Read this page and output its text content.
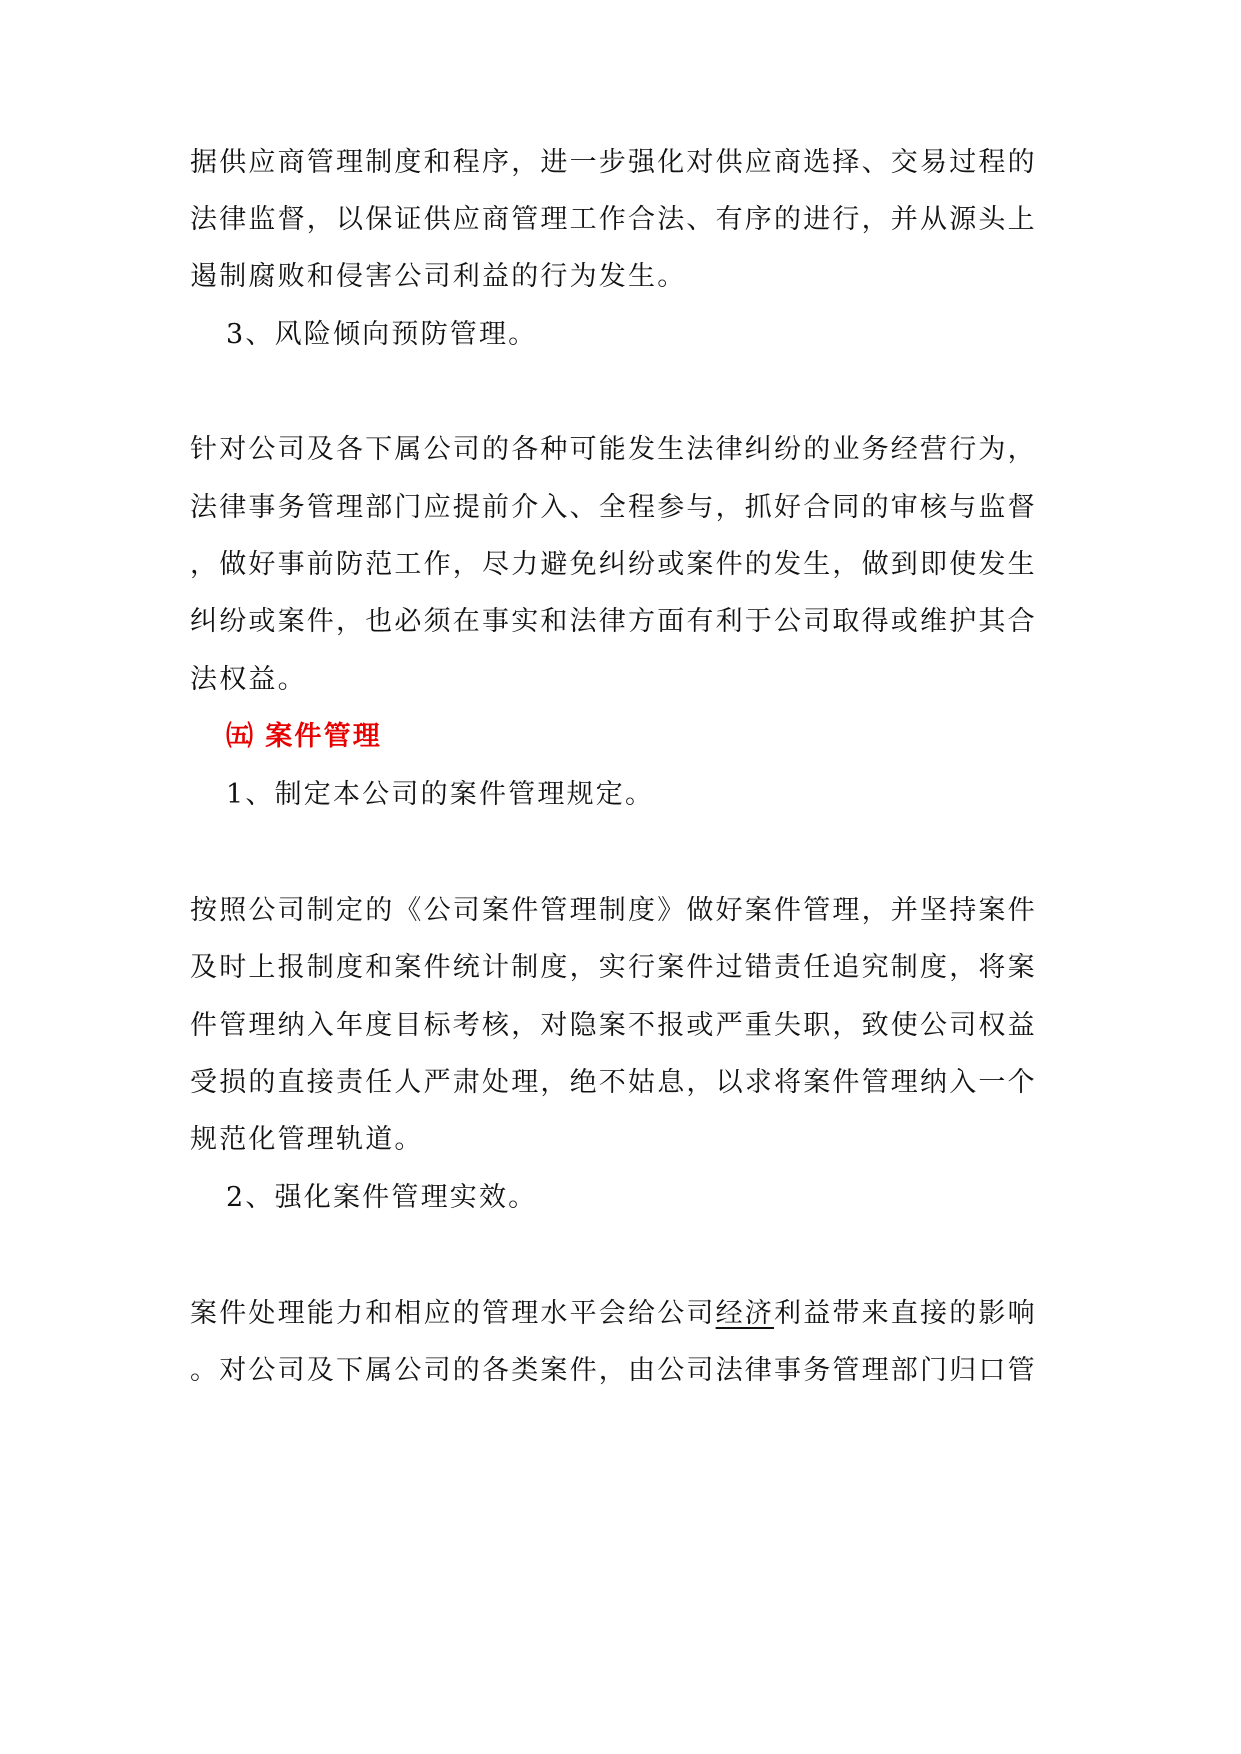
据供应商管理制度和程序，进一步强化对供应商选择、交易过程的
法律监督，以保证供应商管理工作合法、有序的进行，并从源头上
遏制腐败和侵害公司利益的行为发生。
3、风险倾向预防管理。
针对公司及各下属公司的各种可能发生法律纠纷的业务经营行为，
法律事务管理部门应提前介入、全程参与，抓好合同的审核与监督
，做好事前防范工作，尽力避免纠纷或案件的发生，做到即使发生
纠纷或案件，也必须在事实和法律方面有利于公司取得或维护其合
法权益。
㈤ 案件管理
1、制定本公司的案件管理规定。
按照公司制定的《公司案件管理制度》做好案件管理，并坚持案件
及时上报制度和案件统计制度，实行案件过错责任追究制度，将案
件管理纳入年度目标考核，对隐案不报或严重失职，致使公司权益
受损的直接责任人严肃处理，绝不姑息，以求将案件管理纳入一个
规范化管理轨道。
2、强化案件管理实效。
案件处理能力和相应的管理水平会给公司经济利益带来直接的影响
。对公司及下属公司的各类案件，由公司法律事务管理部门归口管
